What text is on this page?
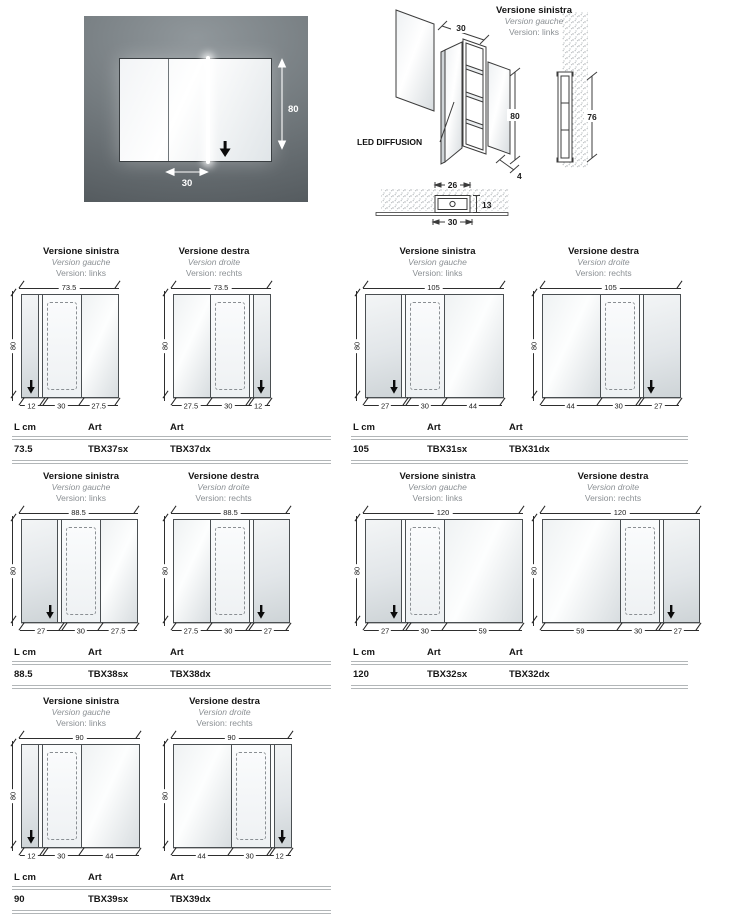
80
30
30
80
4
76
26
13
30
Versione sinistra
Version gauche
Version: links
LED DIFFUSION
Versione sinistra
Version gauche
Version: links
73.5
80
12	30	27.5
Versione destra
Version droite
Version: rechts
73.5
80
27.5	30	12
L cm	Art	Art
73.5	TBX37sx	TBX37dx
Versione sinistra
Version gauche
Version: links
105
80
27	30	44
Versione destra
Version droite
Version: rechts
105
80
44	30	27
L cm	Art	Art
105	TBX31sx	TBX31dx
Versione sinistra
Version gauche
Version: links
88.5
80
27	30	27.5
Versione destra
Version droite
Version: rechts
88.5
80
27.5	30	27
L cm	Art	Art
88.5	TBX38sx	TBX38dx
Versione sinistra
Version gauche
Version: links
120
80
27	30	59
Versione destra
Version droite
Version: rechts
120
80
59	30	27
L cm	Art	Art
120	TBX32sx	TBX32dx
Versione sinistra
Version gauche
Version: links
90
80
12	30	44
Versione destra
Version droite
Version: rechts
90
80
44	30	12
L cm	Art	Art
90	TBX39sx	TBX39dx
